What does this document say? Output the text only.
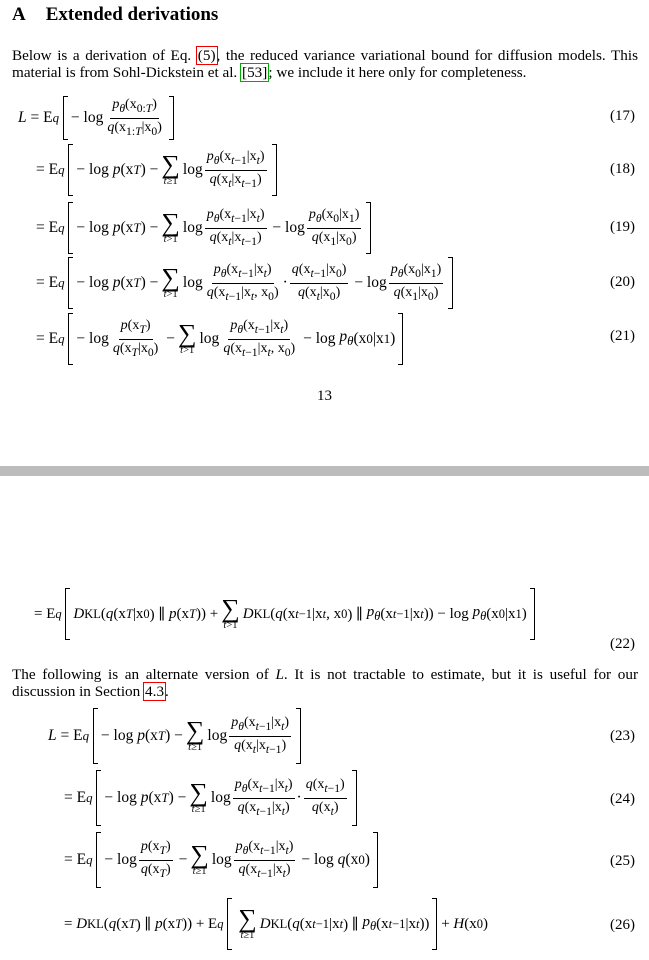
A Extended derivations
Below is a derivation of Eq. (5), the reduced variance variational bound for diffusion models. This material is from Sohl-Dickstein et al. [53]; we include it here only for completeness.
L = E q
− $\log \frac{p_\theta(x_{0:T})}{q(x_{1:T}|x_0)}$	(17)
= E q
− log p (x T ) − ∑
t≥1
$\log \frac{p_\theta(x_{t-1}|x_t)}{q(x_t|x_{t-1})}$	(18)
= E q
− log p (x T ) − ∑
t>1
$\log \frac{p_\theta(x_{t-1}|x_t)}{q(x_t|x_{t-1})} - \log \frac{p_\theta(x_0|x_1)}{q(x_1|x_0)}$	(19)
= E q
− log p (x T ) − ∑
t>1
$\log \frac{p_\theta(x_{t-1}|x_t)}{q(x_{t-1}|x_t, x_0)} \cdot \frac{q(x_{t-1}|x_0)}{q(x_t|x_0)} - \log \frac{p_\theta(x_0|x_1)}{q(x_1|x_0)}$	(20)
= E q
− $\log \frac{p(x_T)}{q(x_T|x_0)}$ − ∑
t>1
$\log \frac{p_\theta(x_{t-1}|x_t)}{q(x_{t-1}|x_t, x_0)} - \log p_\theta$ (x 0 |x 1 )	(21)
13
= E q
D KL ( q (x T |x 0 ) ∥ p (x T )) + ∑
t>1
D KL ( q (x t−1 |x t , x 0 ) ∥ $p_\theta$ (x t−1 |x t )) − $\log p_\theta$ (x 0 |x 1 )
(22)
The following is an alternate version of L. It is not tractable to estimate, but it is useful for our discussion in Section 4.3.
L = E q
− log p (x T ) − ∑
t≥1
$\log \frac{p_\theta(x_{t-1}|x_t)}{q(x_t|x_{t-1})}$	(23)
= E q
− log p (x T ) − ∑
t≥1
$\log \frac{p_\theta(x_{t-1}|x_t)}{q(x_{t-1}|x_t)} \cdot \frac{q(x_{t-1})}{q(x_t)}$	(24)
= E q
− $\log \frac{p(x_T)}{q(x_T)}$ − ∑
t≥1
$\log \frac{p_\theta(x_{t-1}|x_t)}{q(x_{t-1}|x_t)} - \log q$ (x 0 )	(25)
= D KL ( q (x T ) ∥ p (x T )) + E q
∑
t≥1
D KL ( q (x t−1 |x t ) ∥ $p_\theta$ (x t−1 |x t ))
+ H (x 0 )	(26)
